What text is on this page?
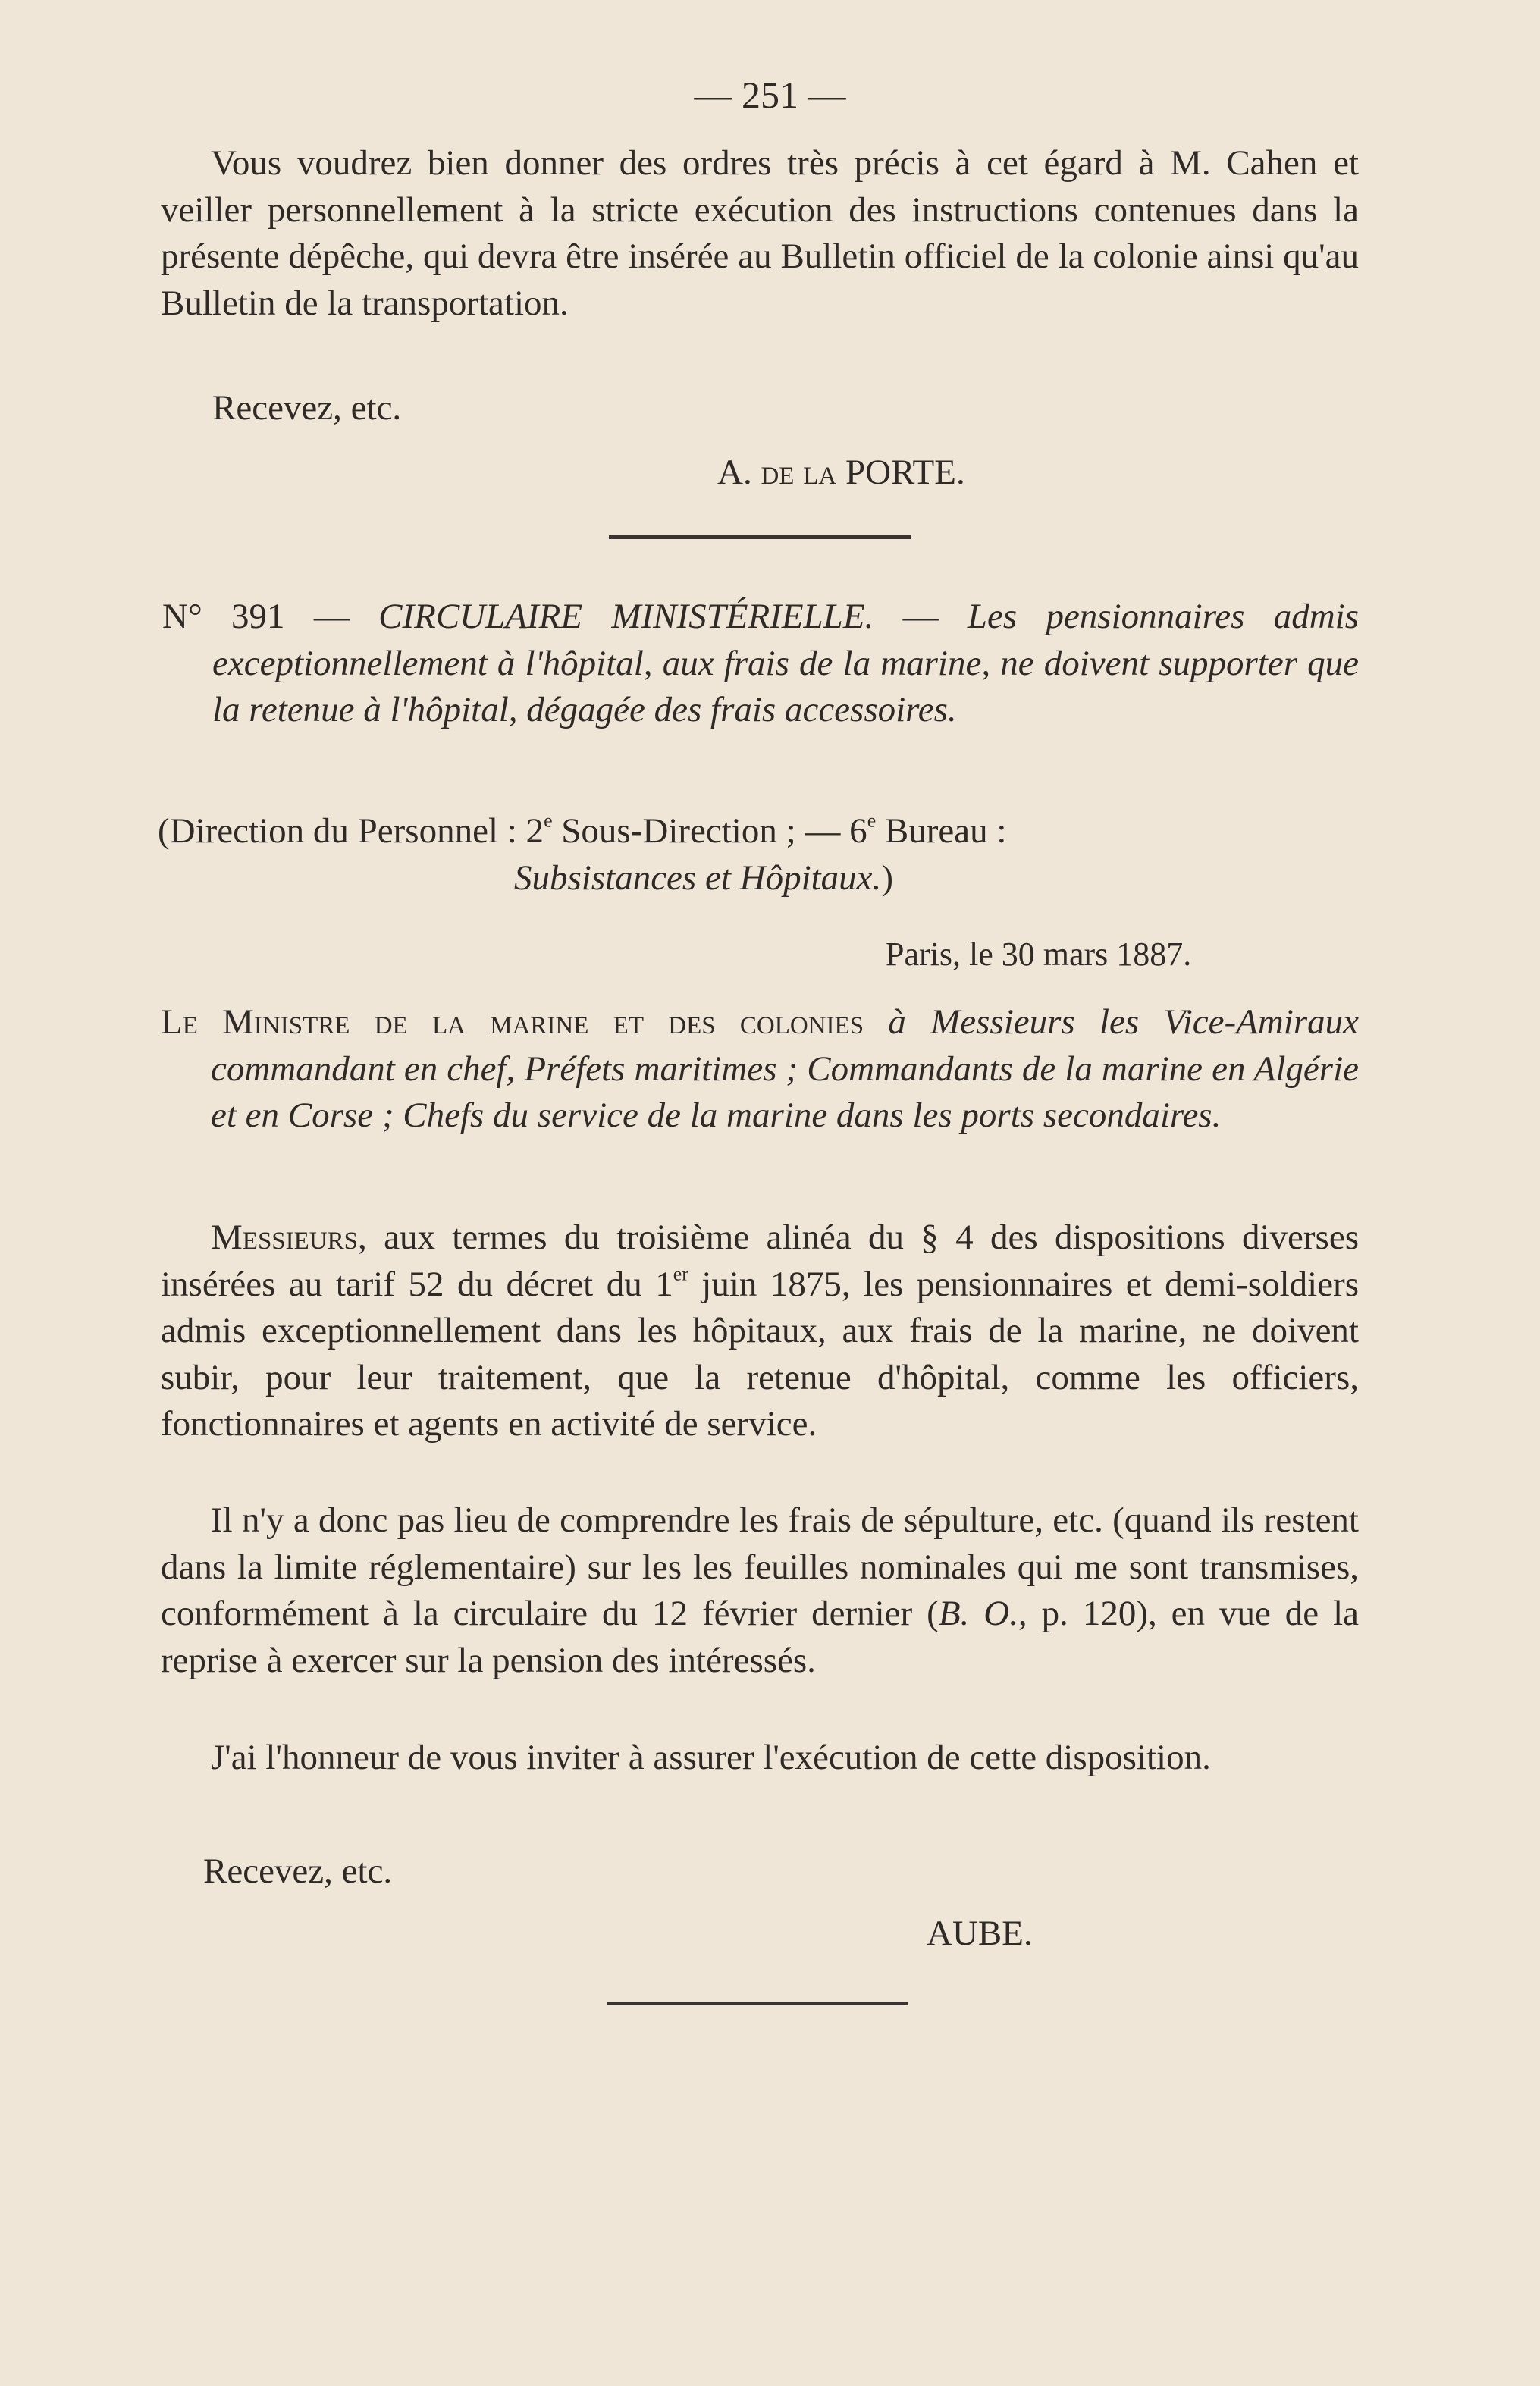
— 251 —

Vous voudrez bien donner des ordres très précis à cet égard à M. Cahen et veiller personnellement à la stricte exécution des instructions contenues dans la présente dépêche, qui devra être insérée au Bulletin officiel de la colonie ainsi qu'au Bulletin de la transportation.

Recevez, etc.
A. de la PORTE.

N° 391 — CIRCULAIRE MINISTÉRIELLE. — Les pensionnaires admis exceptionnellement à l'hôpital, aux frais de la marine, ne doivent supporter que la retenue à l'hôpital, dégagée des frais accessoires.

(Direction du Personnel : 2e Sous-Direction ; — 6e Bureau :
Subsistances et Hôpitaux.)
Paris, le 30 mars 1887.

Le Ministre de la marine et des colonies à Messieurs les Vice-Amiraux commandant en chef, Préfets maritimes ; Commandants de la marine en Algérie et en Corse ; Chefs du service de la marine dans les ports secondaires.

Messieurs, aux termes du troisième alinéa du § 4 des dispositions diverses insérées au tarif 52 du décret du 1er juin 1875, les pensionnaires et demi-soldiers admis exceptionnellement dans les hôpitaux, aux frais de la marine, ne doivent subir, pour leur traitement, que la retenue d'hôpital, comme les officiers, fonctionnaires et agents en activité de service.

Il n'y a donc pas lieu de comprendre les frais de sépulture, etc. (quand ils restent dans la limite réglementaire) sur les les feuilles nominales qui me sont transmises, conformément à la circulaire du 12 février dernier (B. O., p. 120), en vue de la reprise à exercer sur la pension des intéressés.

J'ai l'honneur de vous inviter à assurer l'exécution de cette disposition.

Recevez, etc.
AUBE.
